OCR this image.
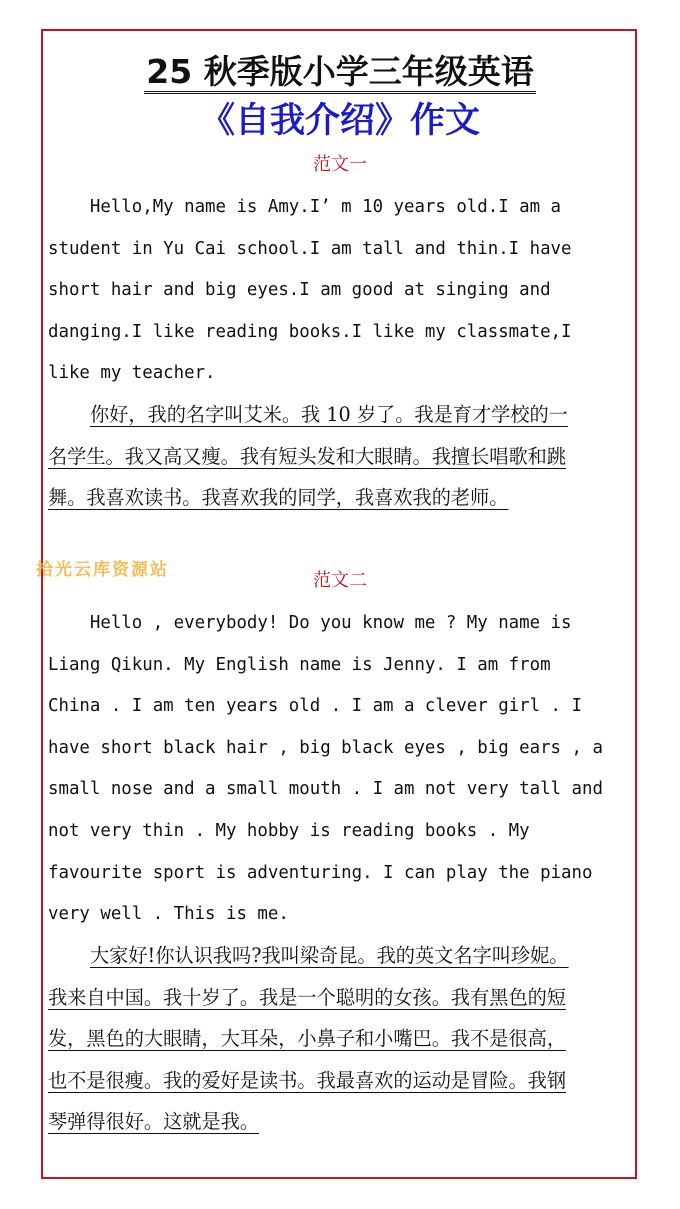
25 秋季版小学三年级英语
《自我介绍》作文

范文一

Hello,My name is Amy.I’ m 10 years old.I am a
student in Yu Cai school.I am tall and thin.I have
short hair and big eyes.I am good at singing and
danging.I like reading books.I like my classmate,I
like my teacher.
你好，我的名字叫艾米。我 10 岁了。我是育才学校的一
名学生。我又高又瘦。我有短头发和大眼睛。我擅长唱歌和跳
舞。我喜欢读书。我喜欢我的同学，我喜欢我的老师。

拾光云库资源站	范文二

Hello , everybody! Do you know me ? My name is
Liang Qikun. My English name is Jenny. I am from
China . I am ten years old . I am a clever girl . I
have short black hair , big black eyes , big ears , a
small nose and a small mouth . I am not very tall and
not very thin . My hobby is reading books . My
favourite sport is adventuring. I can play the piano
very well . This is me.
大家好!你认识我吗?我叫梁奇昆。我的英文名字叫珍妮。
我来自中国。我十岁了。我是一个聪明的女孩。我有黑色的短
发，黑色的大眼睛，大耳朵，小鼻子和小嘴巴。我不是很高，
也不是很瘦。我的爱好是读书。我最喜欢的运动是冒险。我钢
琴弹得很好。这就是我。
